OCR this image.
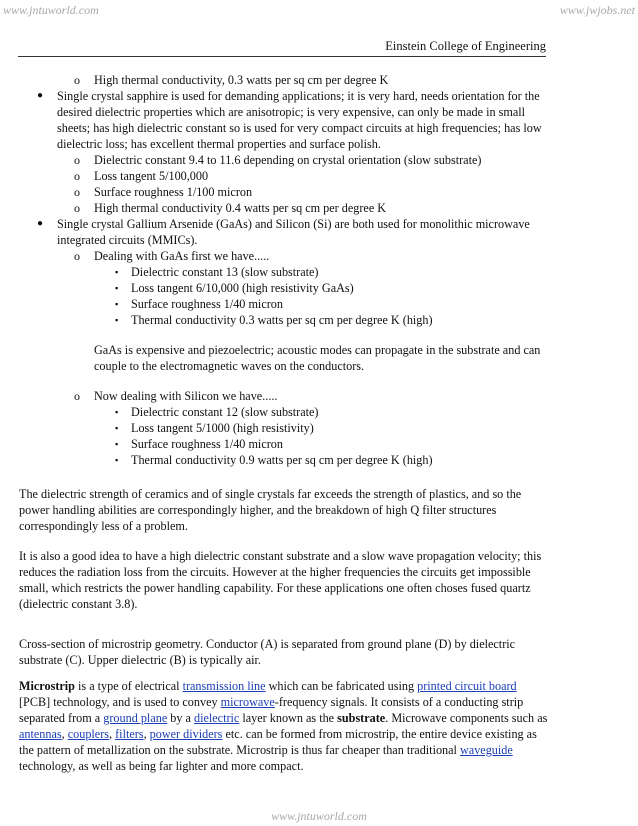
www.jntuworld.com	www.jwjobs.net
Einstein College of Engineering
o High thermal conductivity, 0.3 watts per sq cm per degree K
● Single crystal sapphire is used for demanding applications; it is very hard, needs orientation for the desired dielectric properties which are anisotropic; is very expensive, can only be made in small sheets; has high dielectric constant so is used for very compact circuits at high frequencies; has low dielectric loss; has excellent thermal properties and surface polish.
o Dielectric constant 9.4 to 11.6 depending on crystal orientation (slow substrate)
o Loss tangent 5/100,000
o Surface roughness 1/100 micron
o High thermal conductivity 0.4 watts per sq cm per degree K
● Single crystal Gallium Arsenide (GaAs) and Silicon (Si) are both used for monolithic microwave integrated circuits (MMICs).
o Dealing with GaAs first we have.....
▪ Dielectric constant 13 (slow substrate)
▪ Loss tangent 6/10,000 (high resistivity GaAs)
▪ Surface roughness 1/40 micron
▪ Thermal conductivity 0.3 watts per sq cm per degree K (high)
GaAs is expensive and piezoelectric; acoustic modes can propagate in the substrate and can couple to the electromagnetic waves on the conductors.
o Now dealing with Silicon we have.....
▪ Dielectric constant 12 (slow substrate)
▪ Loss tangent 5/1000 (high resistivity)
▪ Surface roughness 1/40 micron
▪ Thermal conductivity 0.9 watts per sq cm per degree K (high)

The dielectric strength of ceramics and of single crystals far exceeds the strength of plastics, and so the power handling abilities are correspondingly higher, and the breakdown of high Q filter structures correspondingly less of a problem.

It is also a good idea to have a high dielectric constant substrate and a slow wave propagation velocity; this reduces the radiation loss from the circuits. However at the higher frequencies the circuits get impossible small, which restricts the power handling capability. For these applications one often choses fused quartz (dielectric constant 3.8).

Cross-section of microstrip geometry. Conductor (A) is separated from ground plane (D) by dielectric substrate (C). Upper dielectric (B) is typically air.

Microstrip is a type of electrical transmission line which can be fabricated using printed circuit board [PCB] technology, and is used to convey microwave-frequency signals. It consists of a conducting strip separated from a ground plane by a dielectric layer known as the substrate. Microwave components such as antennas, couplers, filters, power dividers etc. can be formed from microstrip, the entire device existing as the pattern of metallization on the substrate. Microstrip is thus far cheaper than traditional waveguide technology, as well as being far lighter and more compact.

www.jntuworld.com
